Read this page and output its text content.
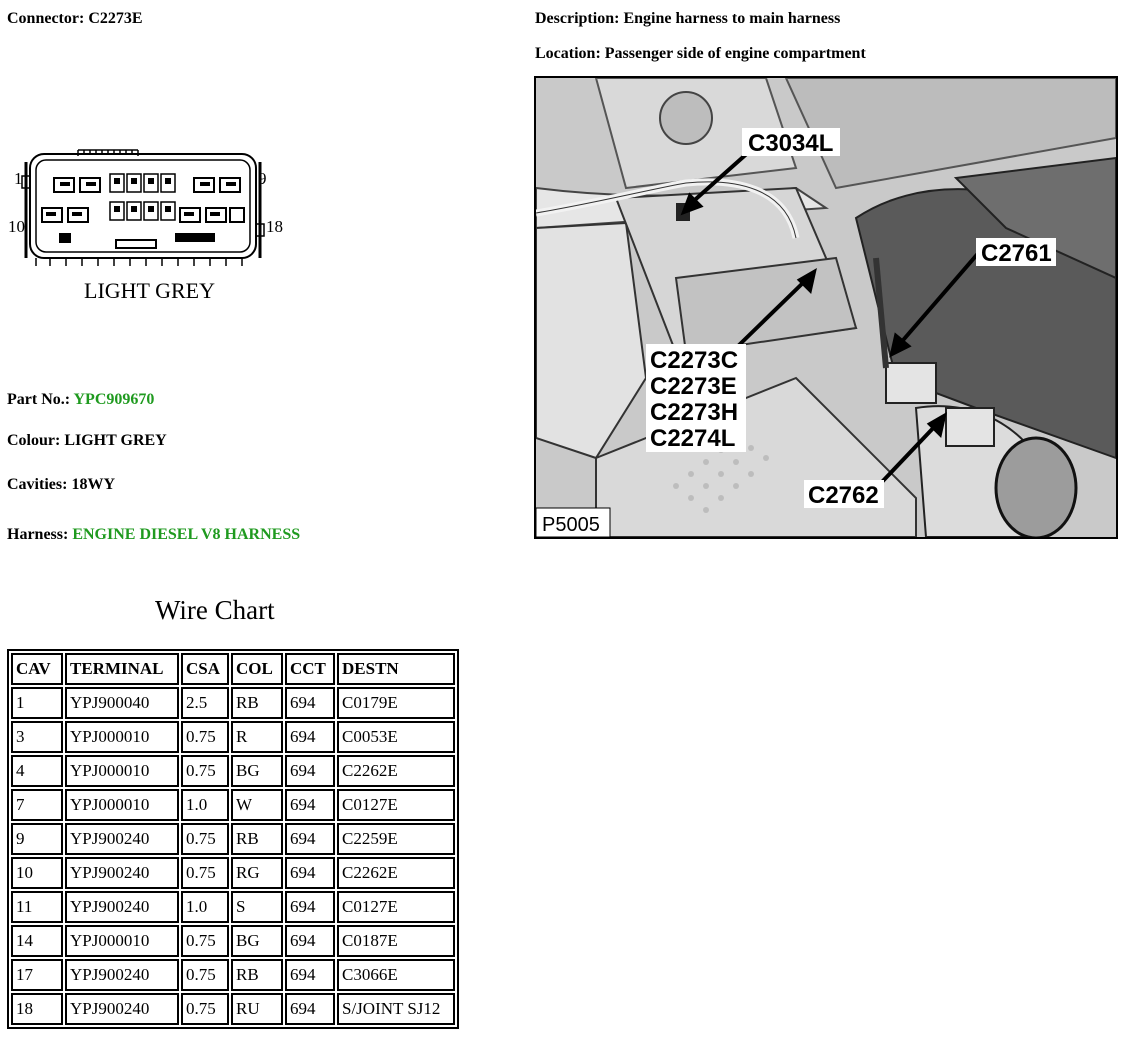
Connector: C2273E	Description: Engine harness to main harness
Location: Passenger side of engine compartment
1	9
10	18
LIGHT GREY
Part No.: YPC909670
Colour: LIGHT GREY
Cavities: 18WY
Harness: ENGINE DIESEL V8 HARNESS
C3034L
C2761
C2273C
C2273E
C2273H
C2274L
C2762
P5005
Wire Chart
CAV	TERMINAL	CSA	COL	CCT	DESTN
1	YPJ900040	2.5	RB	694	C0179E
3	YPJ000010	0.75	R	694	C0053E
4	YPJ000010	0.75	BG	694	C2262E
7	YPJ000010	1.0	W	694	C0127E
9	YPJ900240	0.75	RB	694	C2259E
10	YPJ900240	0.75	RG	694	C2262E
11	YPJ900240	1.0	S	694	C0127E
14	YPJ000010	0.75	BG	694	C0187E
17	YPJ900240	0.75	RB	694	C3066E
18	YPJ900240	0.75	RU	694	S/JOINT SJ12
